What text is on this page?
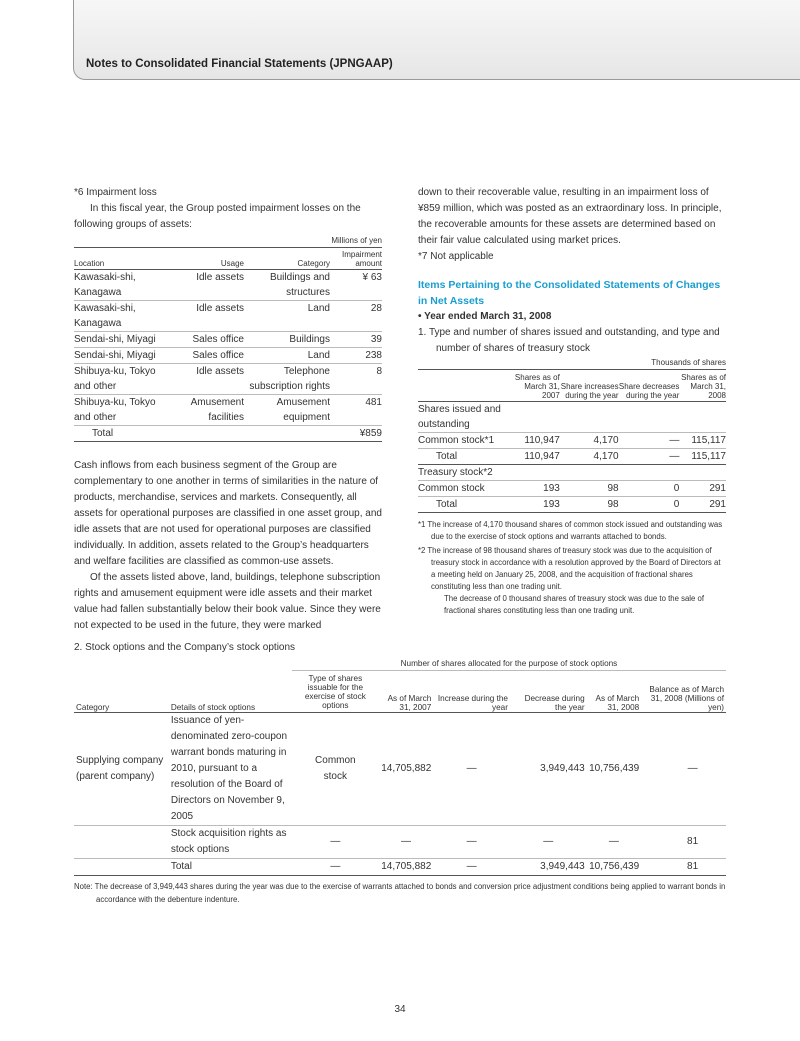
Notes to Consolidated Financial Statements (JPNGAAP)

*6 Impairment loss

In this fiscal year, the Group posted impairment losses on the following groups of assets:

Millions of yen
Location	Usage	Category	Impairment amount
Kawasaki-shi, Kanagawa	Idle assets	Buildings and structures	¥ 63
Kawasaki-shi, Kanagawa	Idle assets	Land	28
Sendai-shi, Miyagi	Sales office	Buildings	39
Sendai-shi, Miyagi	Sales office	Land	238
Shibuya-ku, Tokyo and other	Idle assets	Telephone subscription rights	8
Shibuya-ku, Tokyo and other	Amusement facilities	Amusement equipment	481
Total			¥859

Cash inflows from each business segment of the Group are complementary to one another in terms of similarities in the nature of products, merchandise, services and markets. Consequently, all assets for operational purposes are classified in one asset group, and idle assets that are not used for operational purposes are classified individually. In addition, assets related to the Group’s headquarters and welfare facilities are classified as common-use assets.

Of the assets listed above, land, buildings, telephone subscription rights and amusement equipment were idle assets and their market value had fallen substantially below their book value. Since they were not expected to be used in the future, they were marked

down to their recoverable value, resulting in an impairment loss of ¥859 million, which was posted as an extraordinary loss. In principle, the recoverable amounts for these assets are determined based on their fair value calculated using market prices.

*7 Not applicable

Items Pertaining to the Consolidated Statements of Changes in Net Assets

• Year ended March 31, 2008

1. Type and number of shares issued and outstanding, and type and number of shares of treasury stock

Thousands of shares
	Shares as of March 31, 2007	Share increases during the year	Share decreases during the year	Shares as of March 31, 2008
Shares issued and outstanding				
Common stock*1	110,947	4,170	—	115,117
Total	110,947	4,170	—	115,117
Treasury stock*2				
Common stock	193	98	0	291
Total	193	98	0	291
*1 The increase of 4,170 thousand shares of common stock issued and outstanding was due to the exercise of stock options and warrants attached to bonds.
*2 The increase of 98 thousand shares of treasury stock was due to the acquisition of treasury stock in accordance with a resolution approved by the Board of Directors at a meeting held on January 25, 2008, and the acquisition of fractional shares constituting less than one trading unit.
The decrease of 0 thousand shares of treasury stock was due to the sale of fractional shares constituting less than one trading unit.

2. Stock options and the Company’s stock options

		Number of shares allocated for the purpose of stock options					
Category	Details of stock options	Type of shares issuable for the exercise of stock options	As of March 31, 2007	Increase during the year	Decrease during the year	As of March 31, 2008	Balance as of March 31, 2008 (Millions of yen)
Supplying company (parent company)	Issuance of yen-denominated zero-coupon warrant bonds maturing in 2010, pursuant to a resolution of the Board of Directors on November 9, 2005	Common stock	14,705,882	—	3,949,443	10,756,439	—
	Stock acquisition rights as stock options	—	—	—	—	—	81
	Total	—	14,705,882	—	3,949,443	10,756,439	81
Note: The decrease of 3,949,443 shares during the year was due to the exercise of warrants attached to bonds and conversion price adjustment conditions being applied to warrant bonds in accordance with the debenture indenture.
34
